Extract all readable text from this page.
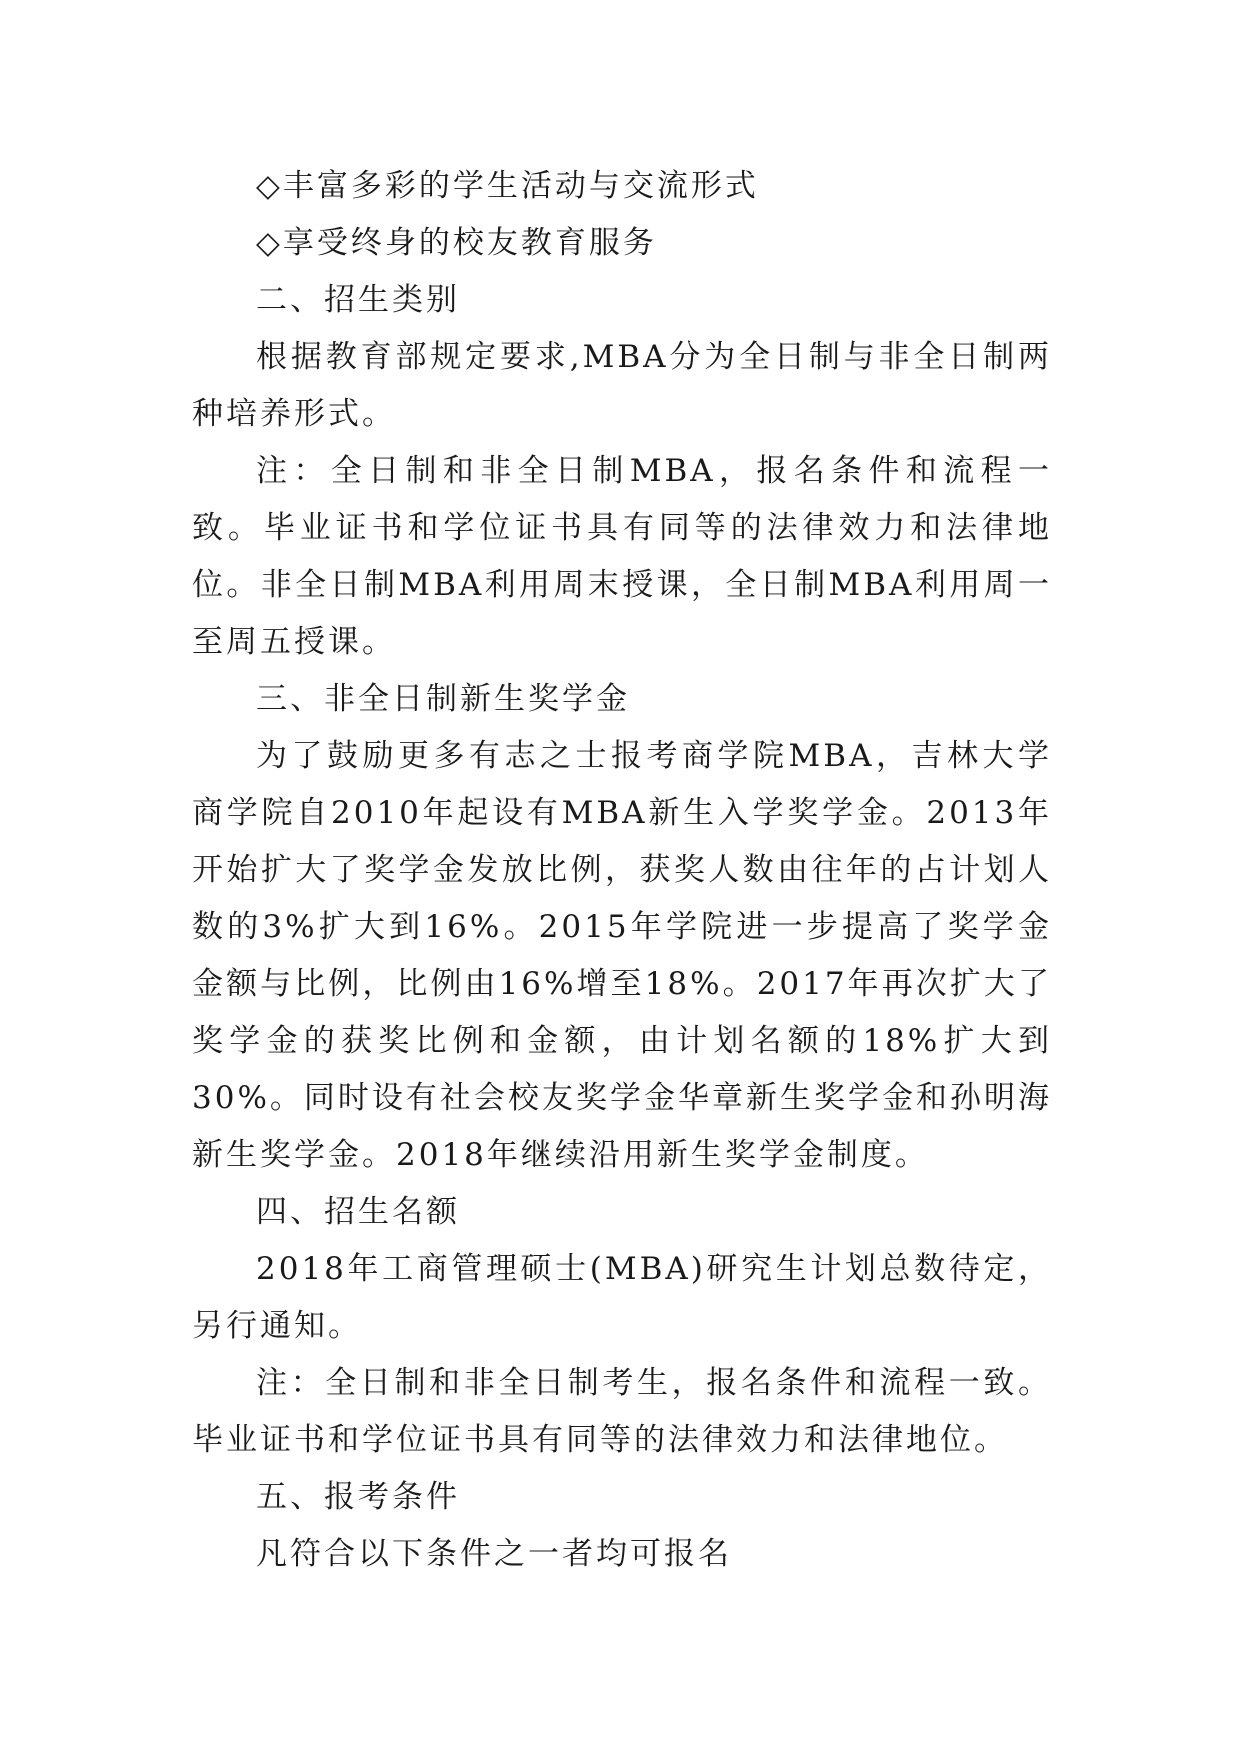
◇丰富多彩的学生活动与交流形式

◇享受终身的校友教育服务

二、招生类别

根据教育部规定要求,MBA分为全日制与非全日制两种培养形式。

注：全日制和非全日制MBA，报名条件和流程一致。毕业证书和学位证书具有同等的法律效力和法律地位。非全日制MBA利用周末授课，全日制MBA利用周一至周五授课。

三、非全日制新生奖学金

为了鼓励更多有志之士报考商学院MBA，吉林大学商学院自2010年起设有MBA新生入学奖学金。2013年开始扩大了奖学金发放比例，获奖人数由往年的占计划人数的3%扩大到16%。2015年学院进一步提高了奖学金金额与比例，比例由16%增至18%。2017年再次扩大了奖学金的获奖比例和金额，由计划名额的18%扩大到30%。同时设有社会校友奖学金华章新生奖学金和孙明海新生奖学金。2018年继续沿用新生奖学金制度。

四、招生名额

2018年工商管理硕士(MBA)研究生计划总数待定，另行通知。

注：全日制和非全日制考生，报名条件和流程一致。毕业证书和学位证书具有同等的法律效力和法律地位。

五、报考条件

凡符合以下条件之一者均可报名
